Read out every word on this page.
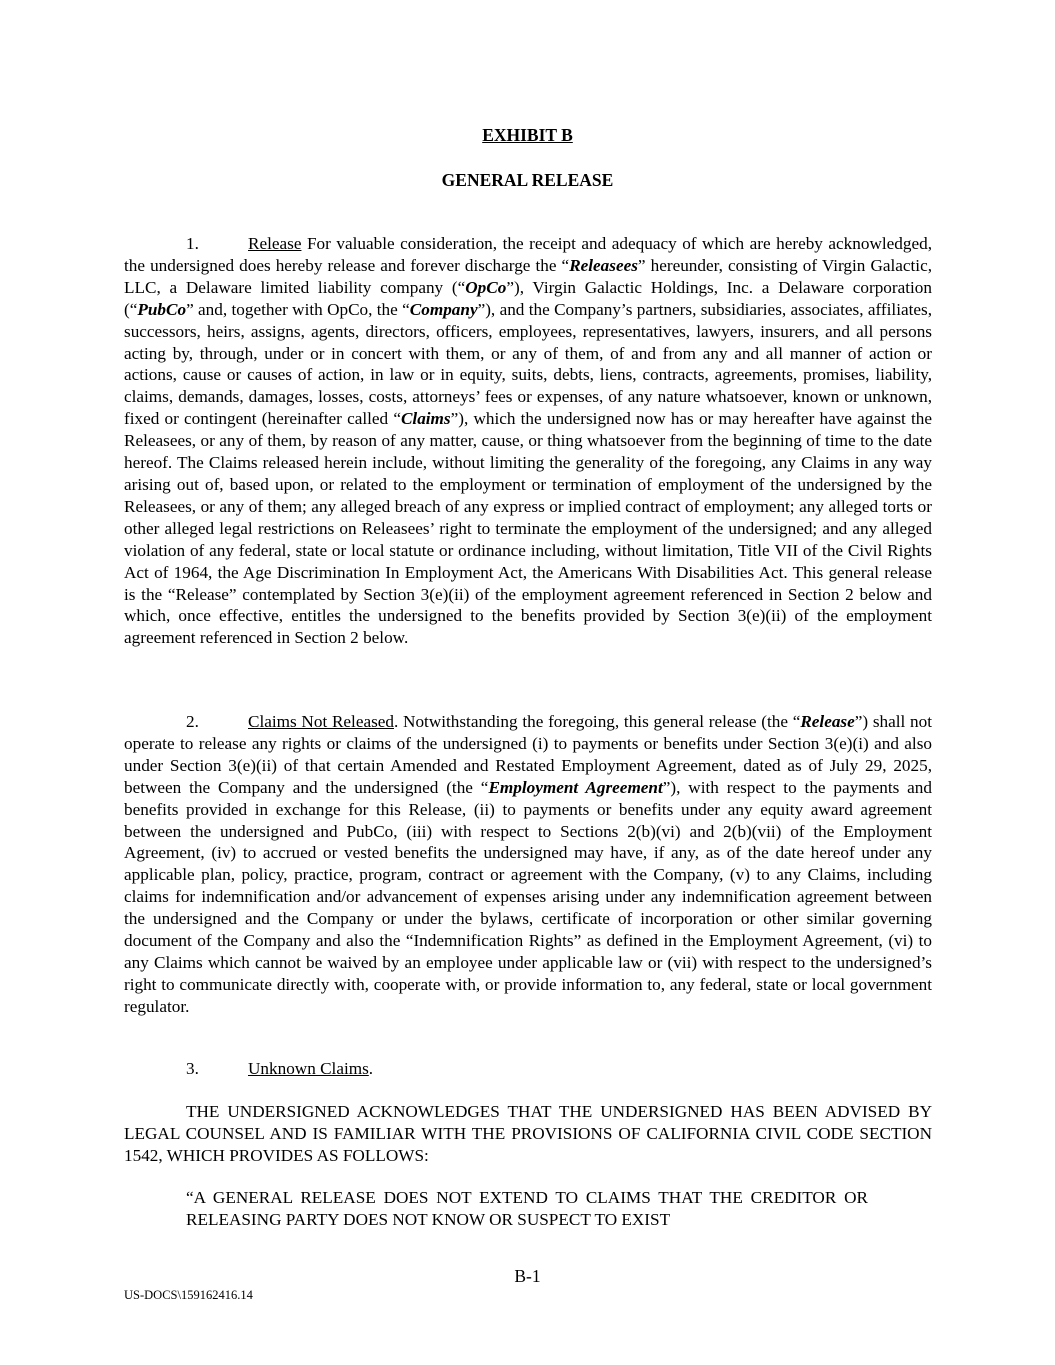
EXHIBIT B
GENERAL RELEASE
1.	Release For valuable consideration, the receipt and adequacy of which are hereby acknowledged, the undersigned does hereby release and forever discharge the “Releasees” hereunder, consisting of Virgin Galactic, LLC, a Delaware limited liability company (“OpCo”), Virgin Galactic Holdings, Inc. a Delaware corporation (“PubCo” and, together with OpCo, the “Company”), and the Company’s partners, subsidiaries, associates, affiliates, successors, heirs, assigns, agents, directors, officers, employees, representatives, lawyers, insurers, and all persons acting by, through, under or in concert with them, or any of them, of and from any and all manner of action or actions, cause or causes of action, in law or in equity, suits, debts, liens, contracts, agreements, promises, liability, claims, demands, damages, losses, costs, attorneys’ fees or expenses, of any nature whatsoever, known or unknown, fixed or contingent (hereinafter called “Claims”), which the undersigned now has or may hereafter have against the Releasees, or any of them, by reason of any matter, cause, or thing whatsoever from the beginning of time to the date hereof. The Claims released herein include, without limiting the generality of the foregoing, any Claims in any way arising out of, based upon, or related to the employment or termination of employment of the undersigned by the Releasees, or any of them; any alleged breach of any express or implied contract of employment; any alleged torts or other alleged legal restrictions on Releasees’ right to terminate the employment of the undersigned; and any alleged violation of any federal, state or local statute or ordinance including, without limitation, Title VII of the Civil Rights Act of 1964, the Age Discrimination In Employment Act, the Americans With Disabilities Act. This general release is the “Release” contemplated by Section 3(e)(ii) of the employment agreement referenced in Section 2 below and which, once effective, entitles the undersigned to the benefits provided by Section 3(e)(ii) of the employment agreement referenced in Section 2 below.
2.	Claims Not Released. Notwithstanding the foregoing, this general release (the “Release”) shall not operate to release any rights or claims of the undersigned (i) to payments or benefits under Section 3(e)(i) and also under Section 3(e)(ii) of that certain Amended and Restated Employment Agreement, dated as of July 29, 2025, between the Company and the undersigned (the “Employment Agreement”), with respect to the payments and benefits provided in exchange for this Release, (ii) to payments or benefits under any equity award agreement between the undersigned and PubCo, (iii) with respect to Sections 2(b)(vi) and 2(b)(vii) of the Employment Agreement, (iv) to accrued or vested benefits the undersigned may have, if any, as of the date hereof under any applicable plan, policy, practice, program, contract or agreement with the Company, (v) to any Claims, including claims for indemnification and/or advancement of expenses arising under any indemnification agreement between the undersigned and the Company or under the bylaws, certificate of incorporation or other similar governing document of the Company and also the “Indemnification Rights” as defined in the Employment Agreement, (vi) to any Claims which cannot be waived by an employee under applicable law or (vii) with respect to the undersigned’s right to communicate directly with, cooperate with, or provide information to, any federal, state or local government regulator.
3.	Unknown Claims.
THE UNDERSIGNED ACKNOWLEDGES THAT THE UNDERSIGNED HAS BEEN ADVISED BY LEGAL COUNSEL AND IS FAMILIAR WITH THE PROVISIONS OF CALIFORNIA CIVIL CODE SECTION 1542, WHICH PROVIDES AS FOLLOWS:
“A GENERAL RELEASE DOES NOT EXTEND TO CLAIMS THAT THE CREDITOR OR RELEASING PARTY DOES NOT KNOW OR SUSPECT TO EXIST
B-1
US-DOCS\159162416.14
